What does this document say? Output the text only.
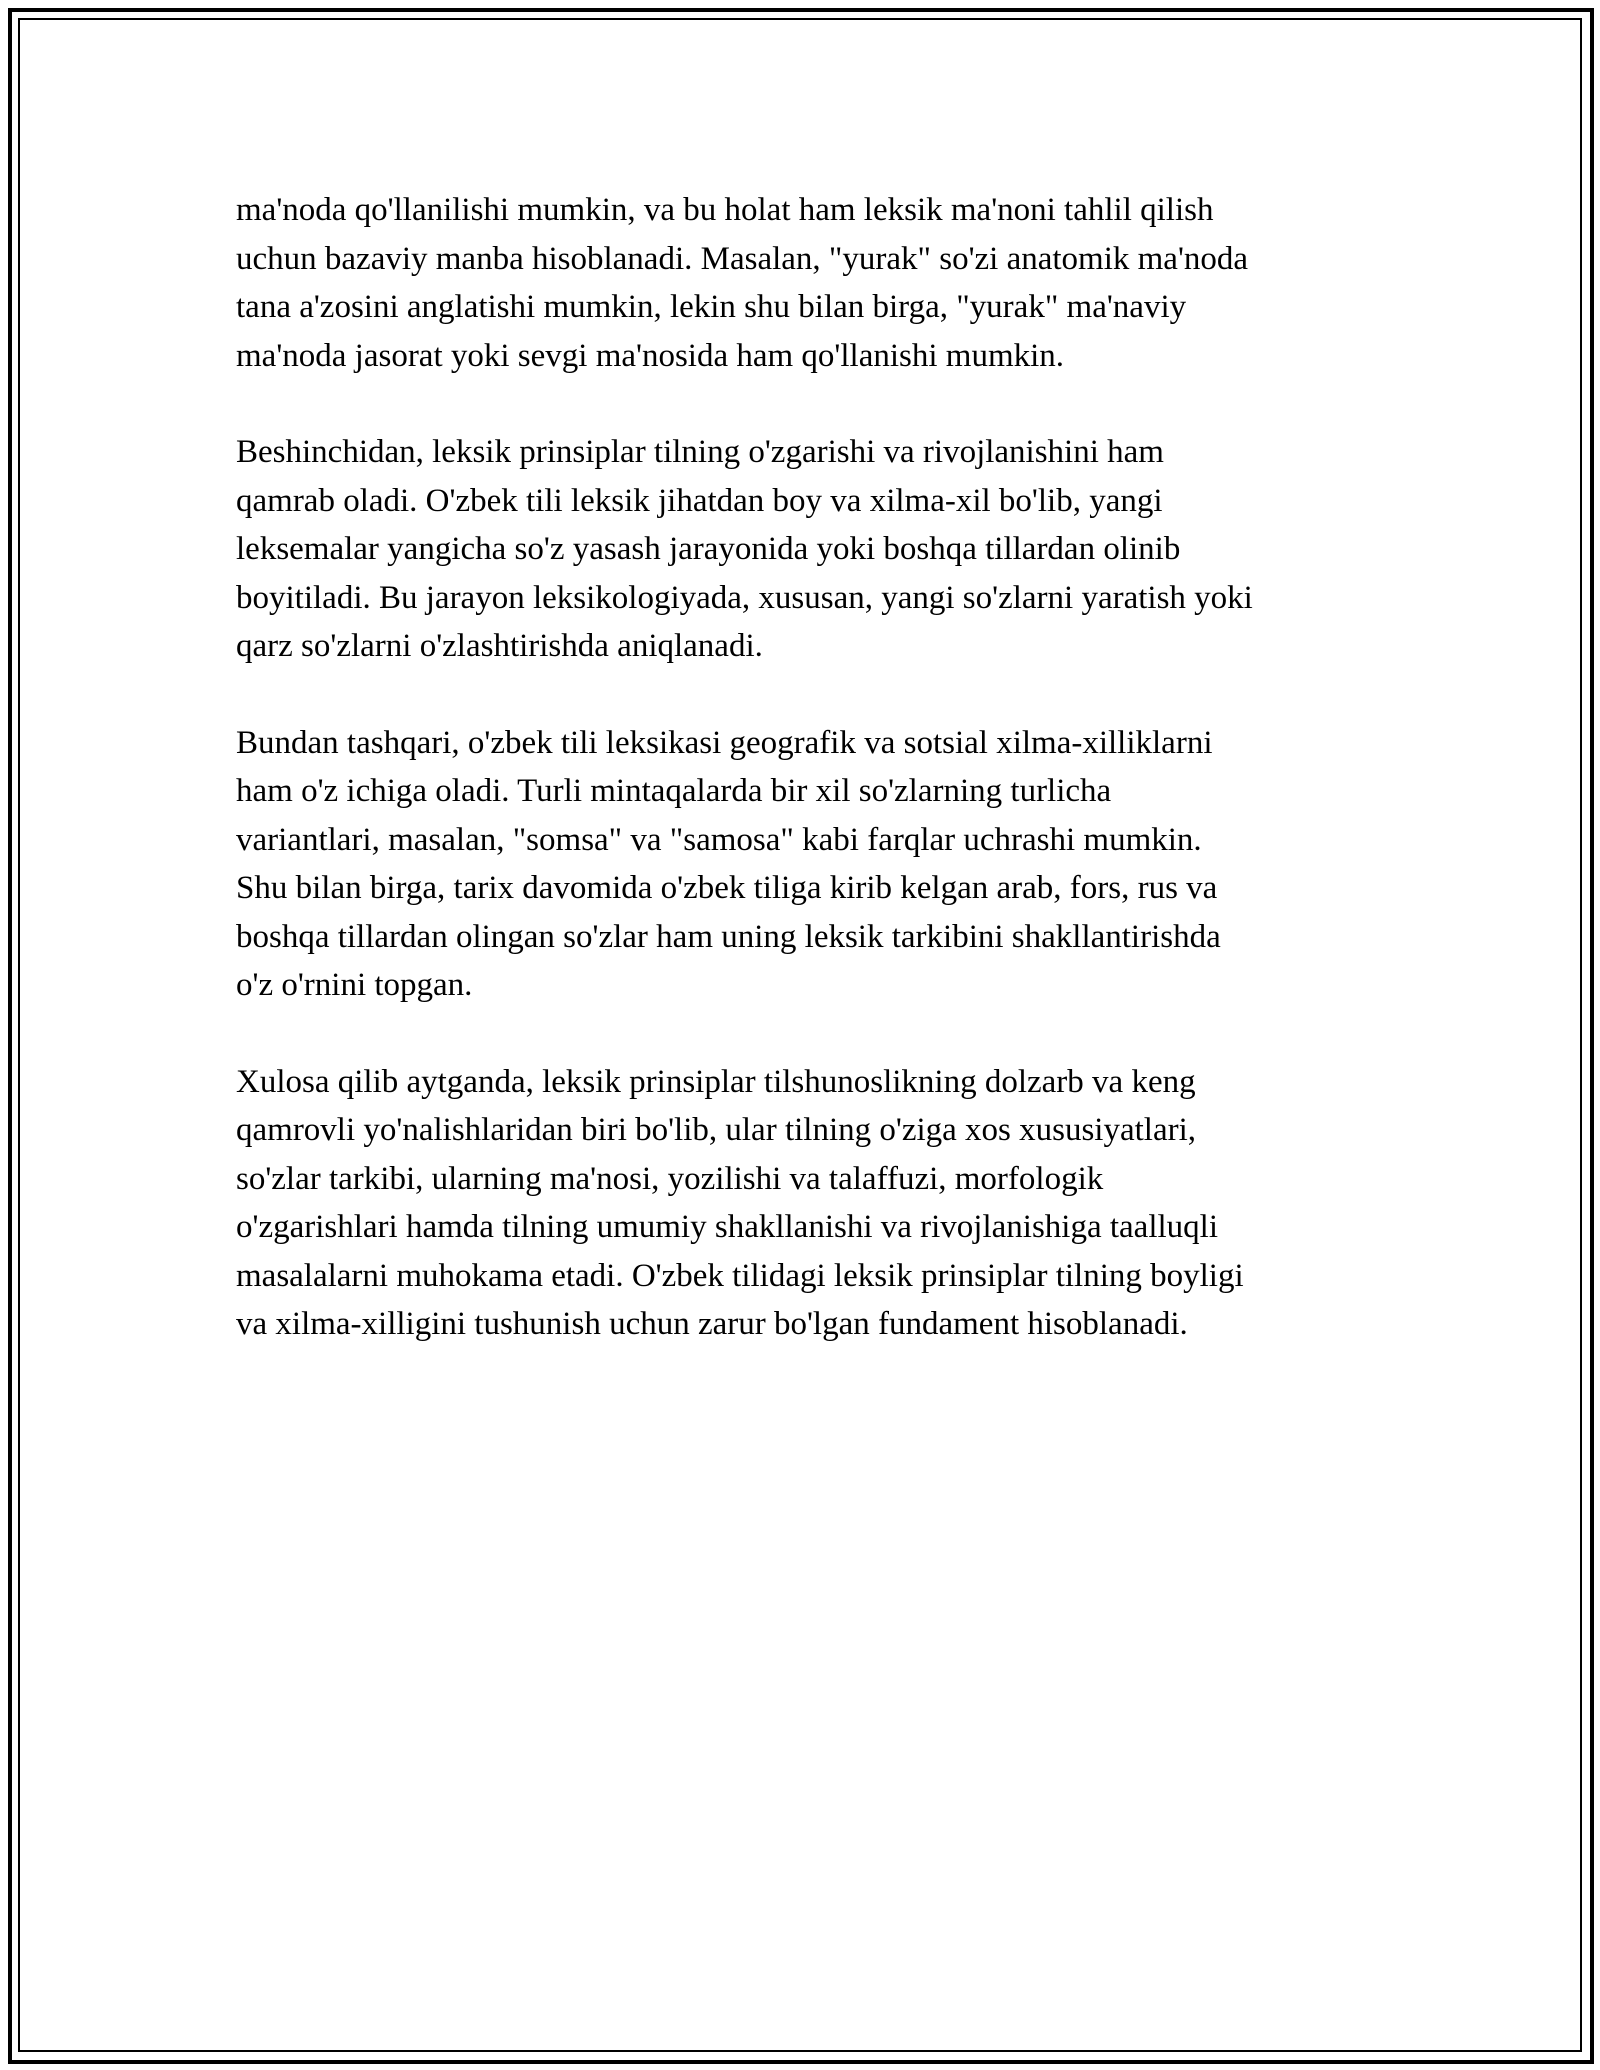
ma'noda qo'llanilishi mumkin, va bu holat ham leksik ma'noni tahlil qilish
uchun bazaviy manba hisoblanadi. Masalan, "yurak" so'zi anatomik ma'noda
tana a'zosini anglatishi mumkin, lekin shu bilan birga, "yurak" ma'naviy
ma'noda jasorat yoki sevgi ma'nosida ham qo'llanishi mumkin.

Beshinchidan, leksik prinsiplar tilning o'zgarishi va rivojlanishini ham
qamrab oladi. O'zbek tili leksik jihatdan boy va xilma-xil bo'lib, yangi
leksemalar yangicha so'z yasash jarayonida yoki boshqa tillardan olinib
boyitiladi. Bu jarayon leksikologiyada, xususan, yangi so'zlarni yaratish yoki
qarz so'zlarni o'zlashtirishda aniqlanadi.

Bundan tashqari, o'zbek tili leksikasi geografik va sotsial xilma-xilliklarni
ham o'z ichiga oladi. Turli mintaqalarda bir xil so'zlarning turlicha
variantlari, masalan, "somsa" va "samosa" kabi farqlar uchrashi mumkin.
Shu bilan birga, tarix davomida o'zbek tiliga kirib kelgan arab, fors, rus va
boshqa tillardan olingan so'zlar ham uning leksik tarkibini shakllantirishda
o'z o'rnini topgan.

Xulosa qilib aytganda, leksik prinsiplar tilshunoslikning dolzarb va keng
qamrovli yo'nalishlaridan biri bo'lib, ular tilning o'ziga xos xususiyatlari,
so'zlar tarkibi, ularning ma'nosi, yozilishi va talaffuzi, morfologik
o'zgarishlari hamda tilning umumiy shakllanishi va rivojlanishiga taalluqli
masalalarni muhokama etadi. O'zbek tilidagi leksik prinsiplar tilning boyligi
va xilma-xilligini tushunish uchun zarur bo'lgan fundament hisoblanadi.
